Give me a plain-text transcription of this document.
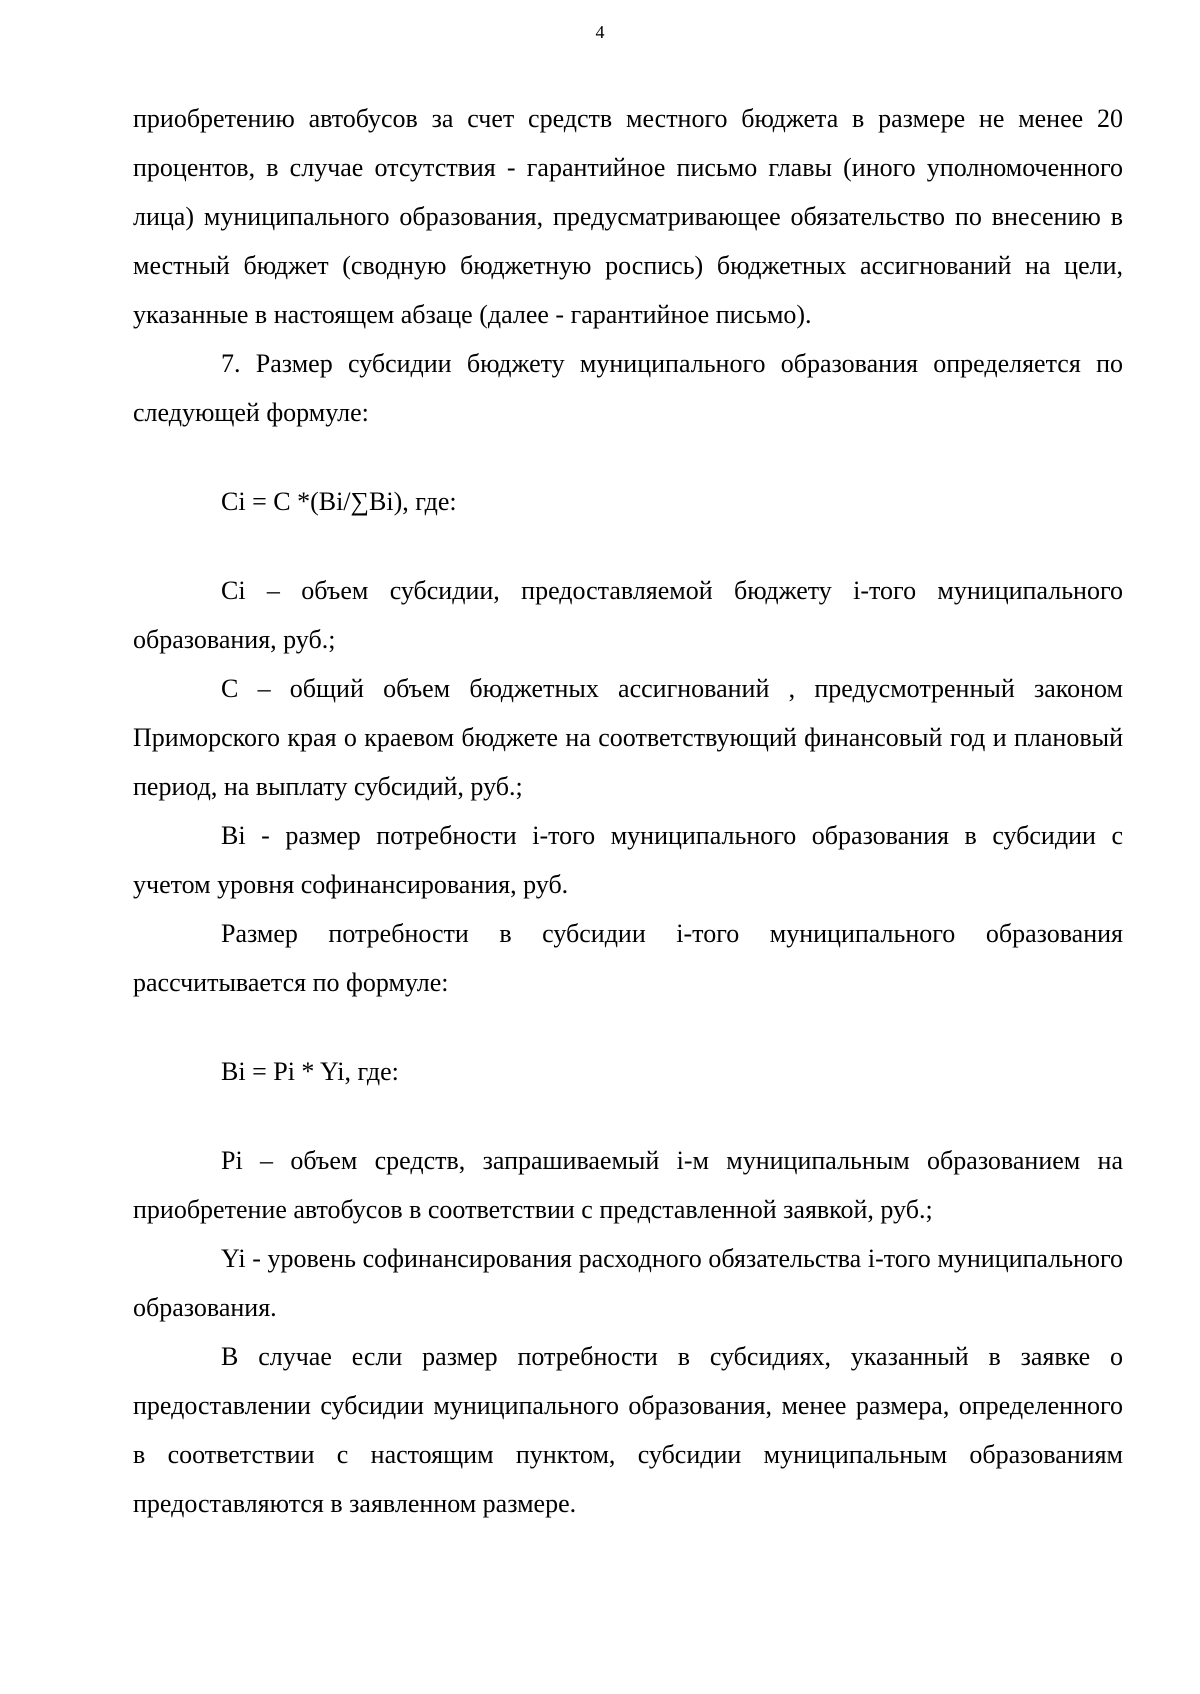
4

приобретению автобусов за счет средств местного бюджета в размере не менее 20 процентов, в случае отсутствия - гарантийное письмо главы (иного уполномоченного лица) муниципального образования, предусматривающее обязательство по внесению в местный бюджет (сводную бюджетную роспись) бюджетных ассигнований на цели, указанные в настоящем абзаце (далее - гарантийное письмо).

7. Размер субсидии бюджету муниципального образования определяется по следующей формуле:

Ci = C *(Bi/∑Bi), где:

Ci – объем субсидии, предоставляемой бюджету i-того муниципального образования, руб.;

C – общий объем бюджетных ассигнований , предусмотренный законом Приморского края о краевом бюджете на соответствующий финансовый год и плановый период, на выплату субсидий, руб.;

Bi - размер потребности i-того муниципального образования в субсидии с учетом уровня софинансирования, руб.

Размер потребности в субсидии i-того муниципального образования рассчитывается по формуле:

Bi = Pi * Yi, где:

Pi – объем средств, запрашиваемый i-м муниципальным образованием на приобретение автобусов в соответствии с представленной заявкой, руб.;

Yi - уровень софинансирования расходного обязательства i-того муниципального образования.

В случае если размер потребности в субсидиях, указанный в заявке о предоставлении субсидии муниципального образования, менее размера, определенного в соответствии с настоящим пунктом, субсидии муниципальным образованиям предоставляются в заявленном размере.
